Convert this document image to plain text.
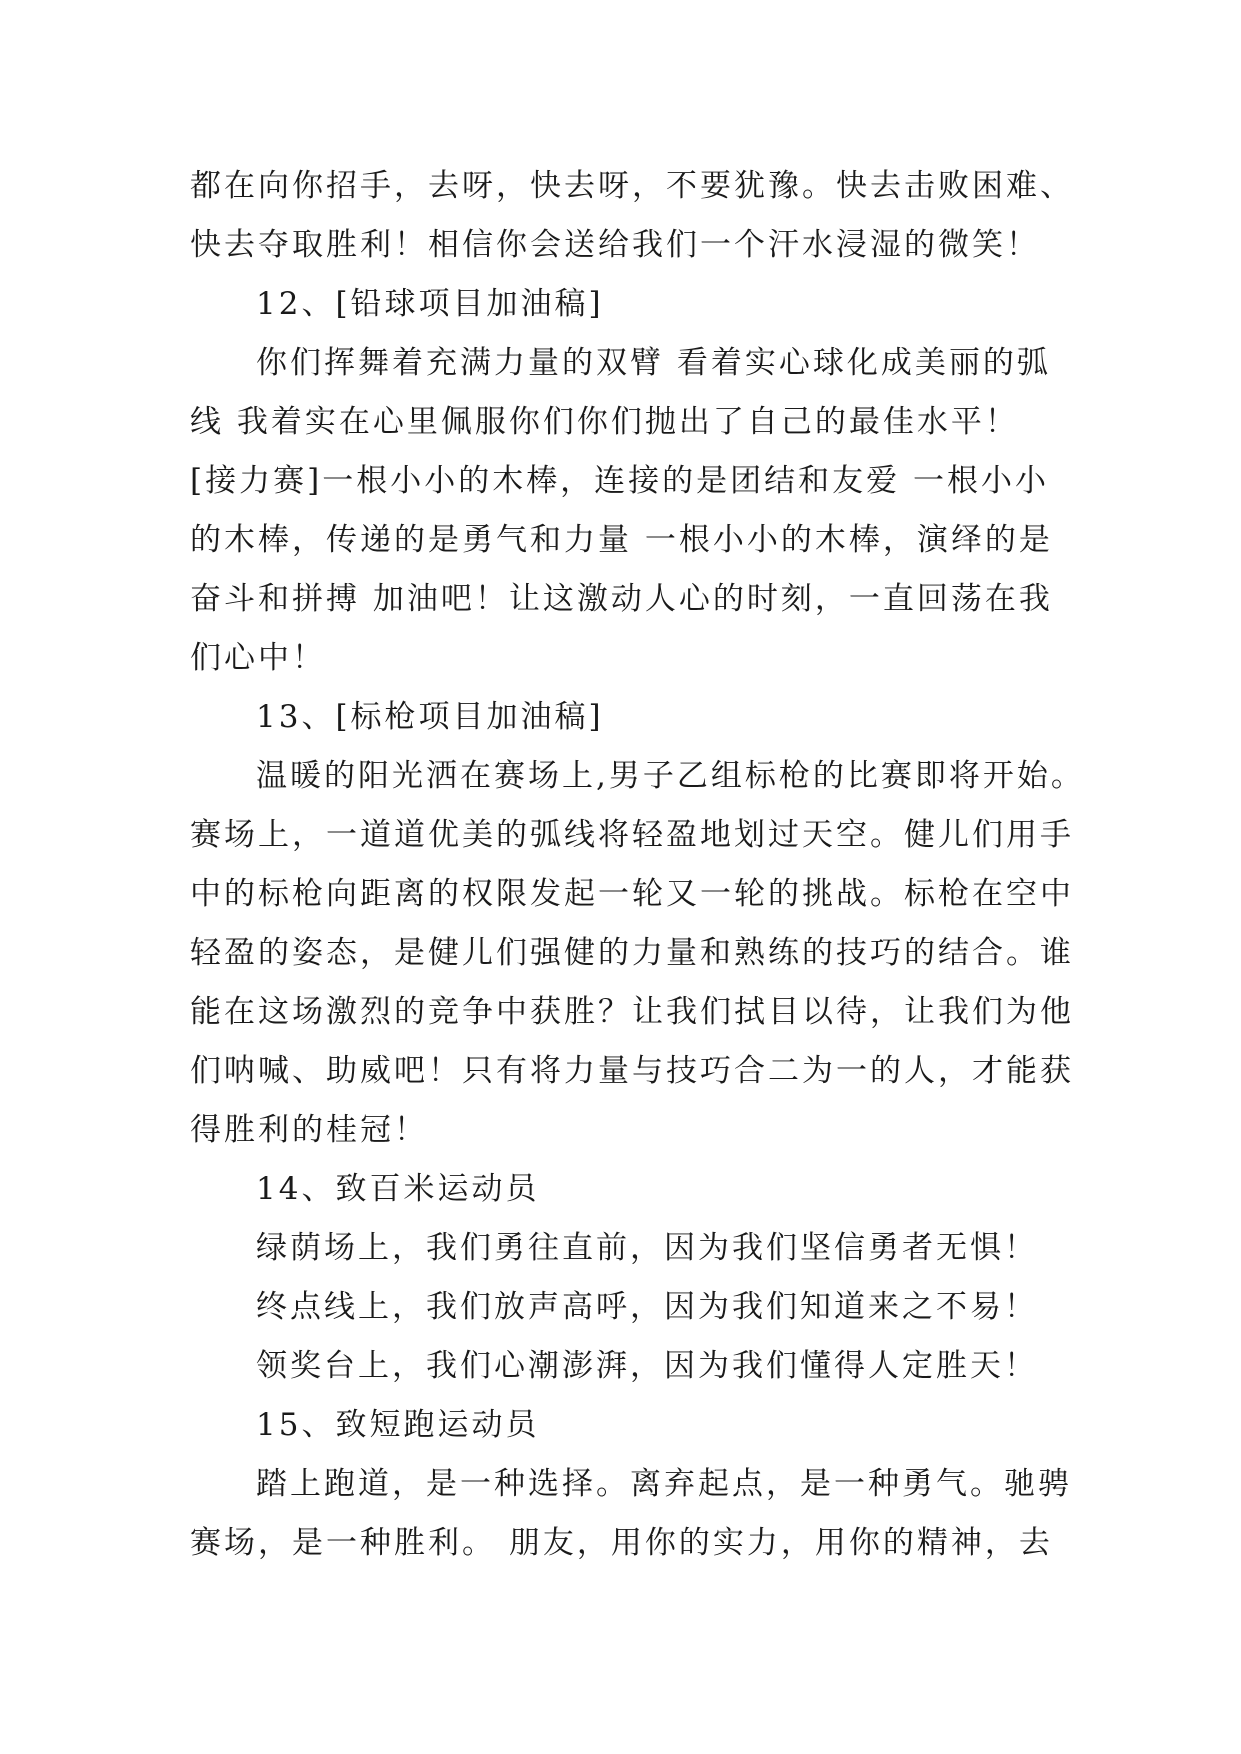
都在向你招手，去呀，快去呀，不要犹豫。快去击败困难、
快去夺取胜利！相信你会送给我们一个汗水浸湿的微笑！
12、[铅球项目加油稿]
你们挥舞着充满力量的双臂 看着实心球化成美丽的弧
线 我着实在心里佩服你们你们抛出了自己的最佳水平！
[接力赛]一根小小的木棒，连接的是团结和友爱 一根小小
的木棒，传递的是勇气和力量 一根小小的木棒，演绎的是
奋斗和拼搏 加油吧！让这激动人心的时刻，一直回荡在我
们心中！
13、[标枪项目加油稿]
温暖的阳光洒在赛场上,男子乙组标枪的比赛即将开始。
赛场上，一道道优美的弧线将轻盈地划过天空。健儿们用手
中的标枪向距离的权限发起一轮又一轮的挑战。标枪在空中
轻盈的姿态，是健儿们强健的力量和熟练的技巧的结合。谁
能在这场激烈的竞争中获胜？让我们拭目以待，让我们为他
们呐喊、助威吧！只有将力量与技巧合二为一的人，才能获
得胜利的桂冠！
14、致百米运动员
绿荫场上，我们勇往直前，因为我们坚信勇者无惧！
终点线上，我们放声高呼，因为我们知道来之不易！
领奖台上，我们心潮澎湃，因为我们懂得人定胜天！
15、致短跑运动员
踏上跑道，是一种选择。离弃起点，是一种勇气。驰骋
赛场，是一种胜利。 朋友，用你的实力，用你的精神，去
